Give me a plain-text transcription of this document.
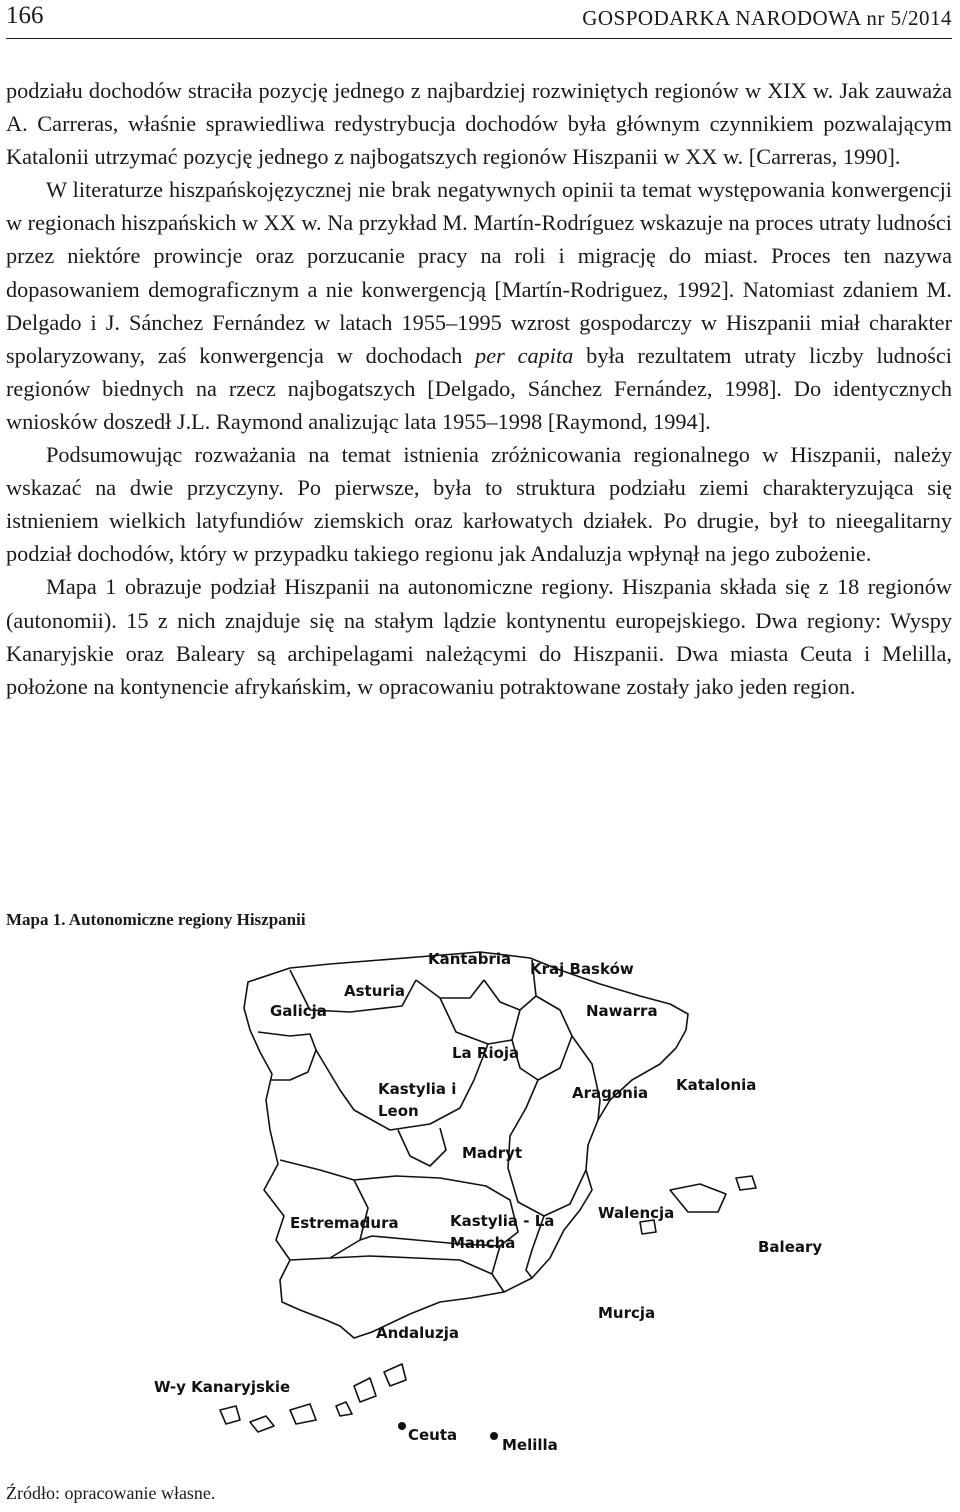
166	GOSPODARKA NARODOWA nr 5/2014

podziału dochodów straciła pozycję jednego z najbardziej rozwiniętych regionów w XIX w. Jak zauważa A. Carreras, właśnie sprawiedliwa redystrybucja dochodów była głównym czynnikiem pozwalającym Katalonii utrzymać pozycję jednego z najbogatszych regionów Hiszpanii w XX w. [Carreras, 1990].

W literaturze hiszpańskojęzycznej nie brak negatywnych opinii ta temat występowania konwergencji w regionach hiszpańskich w XX w. Na przykład M. Martín-Rodríguez wskazuje na proces utraty ludności przez niektóre prowincje oraz porzucanie pracy na roli i migrację do miast. Proces ten nazywa dopasowaniem demograficznym a nie konwergencją [Martín-Rodriguez, 1992]. Natomiast zdaniem M. Delgado i J. Sánchez Fernández w latach 1955–1995 wzrost gospodarczy w Hiszpanii miał charakter spolaryzowany, zaś konwergencja w dochodach per capita była rezultatem utraty liczby ludności regionów biednych na rzecz najbogatszych [Delgado, Sánchez Fernández, 1998]. Do identycznych wniosków doszedł J.L. Raymond analizując lata 1955–1998 [Raymond, 1994].

Podsumowując rozważania na temat istnienia zróżnicowania regionalnego w Hiszpanii, należy wskazać na dwie przyczyny. Po pierwsze, była to struktura podziału ziemi charakteryzująca się istnieniem wielkich latyfundiów ziemskich oraz karłowatych działek. Po drugie, był to nieegalitarny podział dochodów, który w przypadku takiego regionu jak Andaluzja wpłynął na jego zubożenie.

Mapa 1 obrazuje podział Hiszpanii na autonomiczne regiony. Hiszpania składa się z 18 regionów (autonomii). 15 z nich znajduje się na stałym lądzie kontynentu europejskiego. Dwa regiony: Wyspy Kanaryjskie oraz Baleary są archipelagami należącymi do Hiszpanii. Dwa miasta Ceuta i Melilla, położone na kontynencie afrykańskim, w opracowaniu potraktowane zostały jako jeden region.

Mapa 1. Autonomiczne regiony Hiszpanii
Kantabria
Kraj Basków
Asturia
Galicja	Nawarra
La Rioja
Kastylia i
Leon
Aragonia Katalonia
Madryt
Estremadura	Kastylia - La
Mancha
Walencja
Baleary
Murcja
Andaluzja
W-y Kanaryjskie
Ceuta
Melilla
Źródło: opracowanie własne.
